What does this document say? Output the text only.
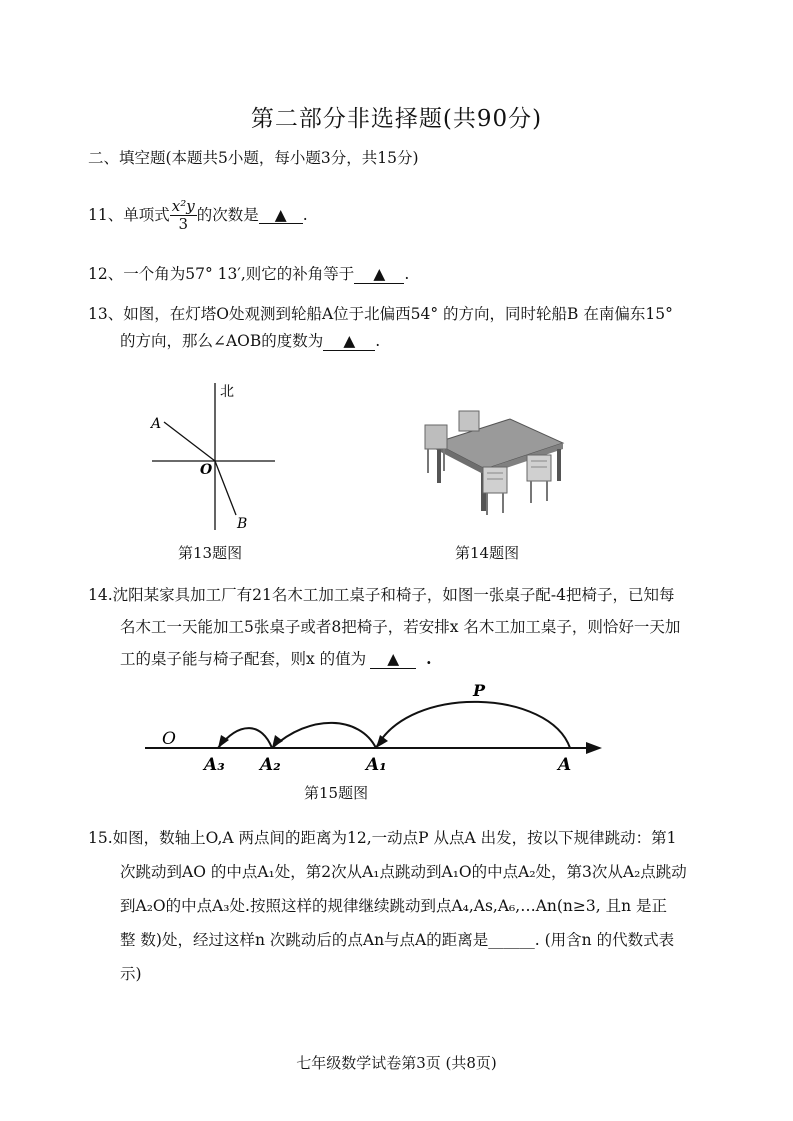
第二部分非选择题(共90分)
二、填空题(本题共5小题，每小题3分，共15分)
11、单项式 $\frac{\text{x²y}}{3}$ 的次数是 ▲ .
12、一个角为57° 13′,则它的补角等于 ▲ .
13、如图，在灯塔O处观测到轮船A位于北偏西54° 的方向，同时轮船B 在南偏东15°
的方向，那么∠AOB的度数为 ▲ .
北
A
O
B
第13题图	第14题图
14.沈阳某家具加工厂有21名木工加工桌子和椅子，如图一张桌子配-4把椅子，已知每
名木工一天能加工5张桌子或者8把椅子，若安排x 名木工加工桌子，则恰好一天加
工的桌子能与椅子配套，则x 的值为 ▲ .
O
P
A₃ A₂	A₁	A
第15题图
15.如图，数轴上O,A 两点间的距离为12,一动点P 从点A 出发，按以下规律跳动：第1
次跳动到AO 的中点A₁处，第2次从A₁点跳动到A₁O的中点A₂处，第3次从A₂点跳动
到A₂O的中点A₃处.按照这样的规律继续跳动到点A₄,As,A₆,…An(n≥3, 且n 是正
整 数)处，经过这样n 次跳动后的点An与点A的距离是______. (用含n 的代数式表
示)
七年级数学试卷第3页 (共8页)
